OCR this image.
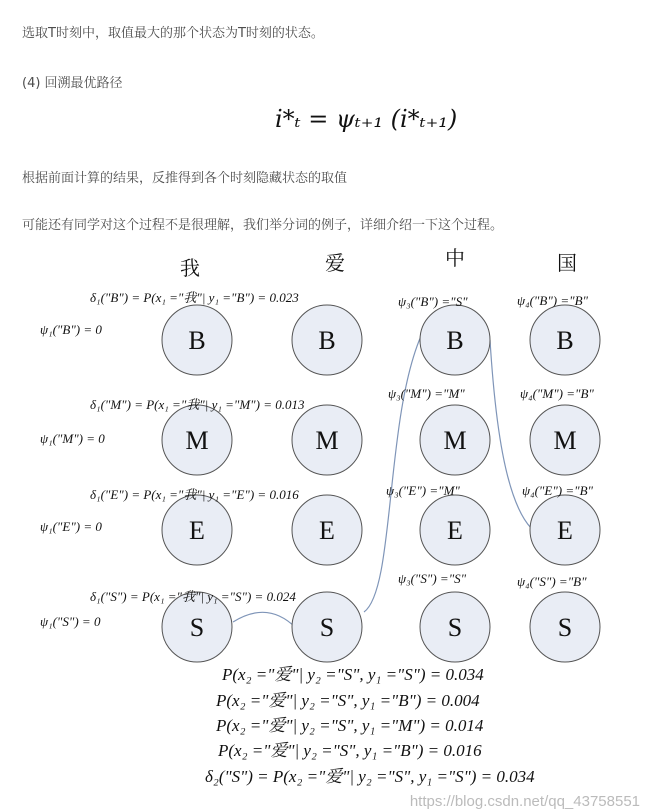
选取T时刻中，取值最大的那个状态为T时刻的状态。
(4) 回溯最优路径
i*ₜ = ψₜ₊₁ (i*ₜ₊₁)
根据前面计算的结果，反推得到各个时刻隐藏状态的取值
可能还有同学对这个过程不是很理解，我们举分词的例子，详细介绍一下这个过程。
B
M
E
S
B
M
E
S
B
M
E
S
B
M
E
S
我	爱	中	国
δ₁("B") = P(x₁ ="我"| y₁ ="B") = 0.023
δ₁("M") = P(x₁ ="我"| y₁ ="M") = 0.013
δ₁("E") = P(x₁ ="我"| y₁ ="E") = 0.016
δ₁("S") = P(x₁ ="我"| y₁ ="S") = 0.024
ψ₁("B") = 0
ψ₁("M") = 0
ψ₁("E") = 0
ψ₁("S") = 0
ψ₃("B") ="S"
ψ₃("M") ="M"
ψ₃("E") ="M"
ψ₃("S") ="S"
ψ₄("B") ="B"
ψ₄("M") ="B"
ψ₄("E") ="B"
ψ₄("S") ="B"
P(x₂ ="爱"| y₂ ="S", y₁ ="S") = 0.034
P(x₂ ="爱"| y₂ ="S", y₁ ="B") = 0.004
P(x₂ ="爱"| y₂ ="S", y₁ ="M") = 0.014
P(x₂ ="爱"| y₂ ="S", y₁ ="B") = 0.016
δ₂("S") = P(x₂ ="爱"| y₂ ="S", y₁ ="S") = 0.034
https://blog.csdn.net/qq_43758551
